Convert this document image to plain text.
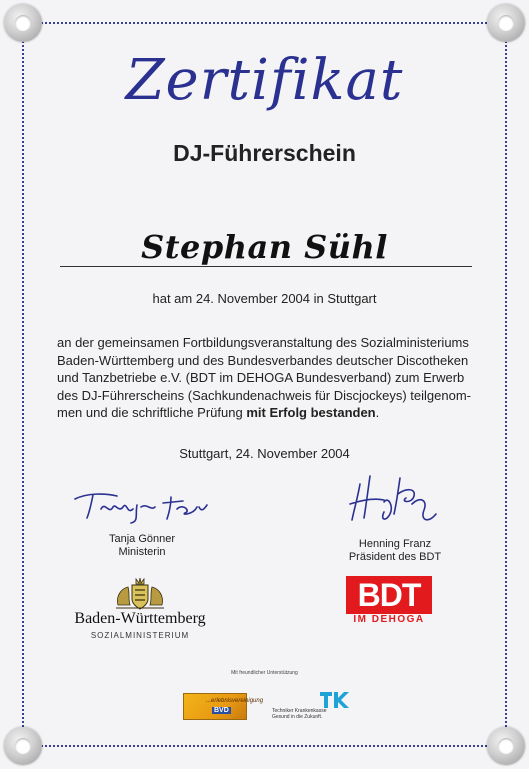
Zertifikat
DJ-Führerschein
Stephan Sühl
hat am 24. November 2004 in Stuttgart
an der gemeinsamen Fortbildungsveranstaltung des Sozialministeriums
Baden-Württemberg und des Bundesverbandes deutscher Discotheken
und Tanzbetriebe e.V. (BDT im DEHOGA Bundesverband) zum Erwerb
des DJ-Führerscheins (Sachkundenachweis für Discjockeys) teilgenom-
men und die schriftliche Prüfung mit Erfolg bestanden.
Stuttgart, 24. November 2004
Tanja Gönner
Ministerin
Henning Franz
Präsident des BDT
Baden-Württemberg
SOZIALMINISTERIUM
BDT
IM DEHOGA
Mit freundlicher Unterstützung
...erlebnisvereinigung
BVD	Techniker Krankenkasse
Gesund in die Zukunft.
